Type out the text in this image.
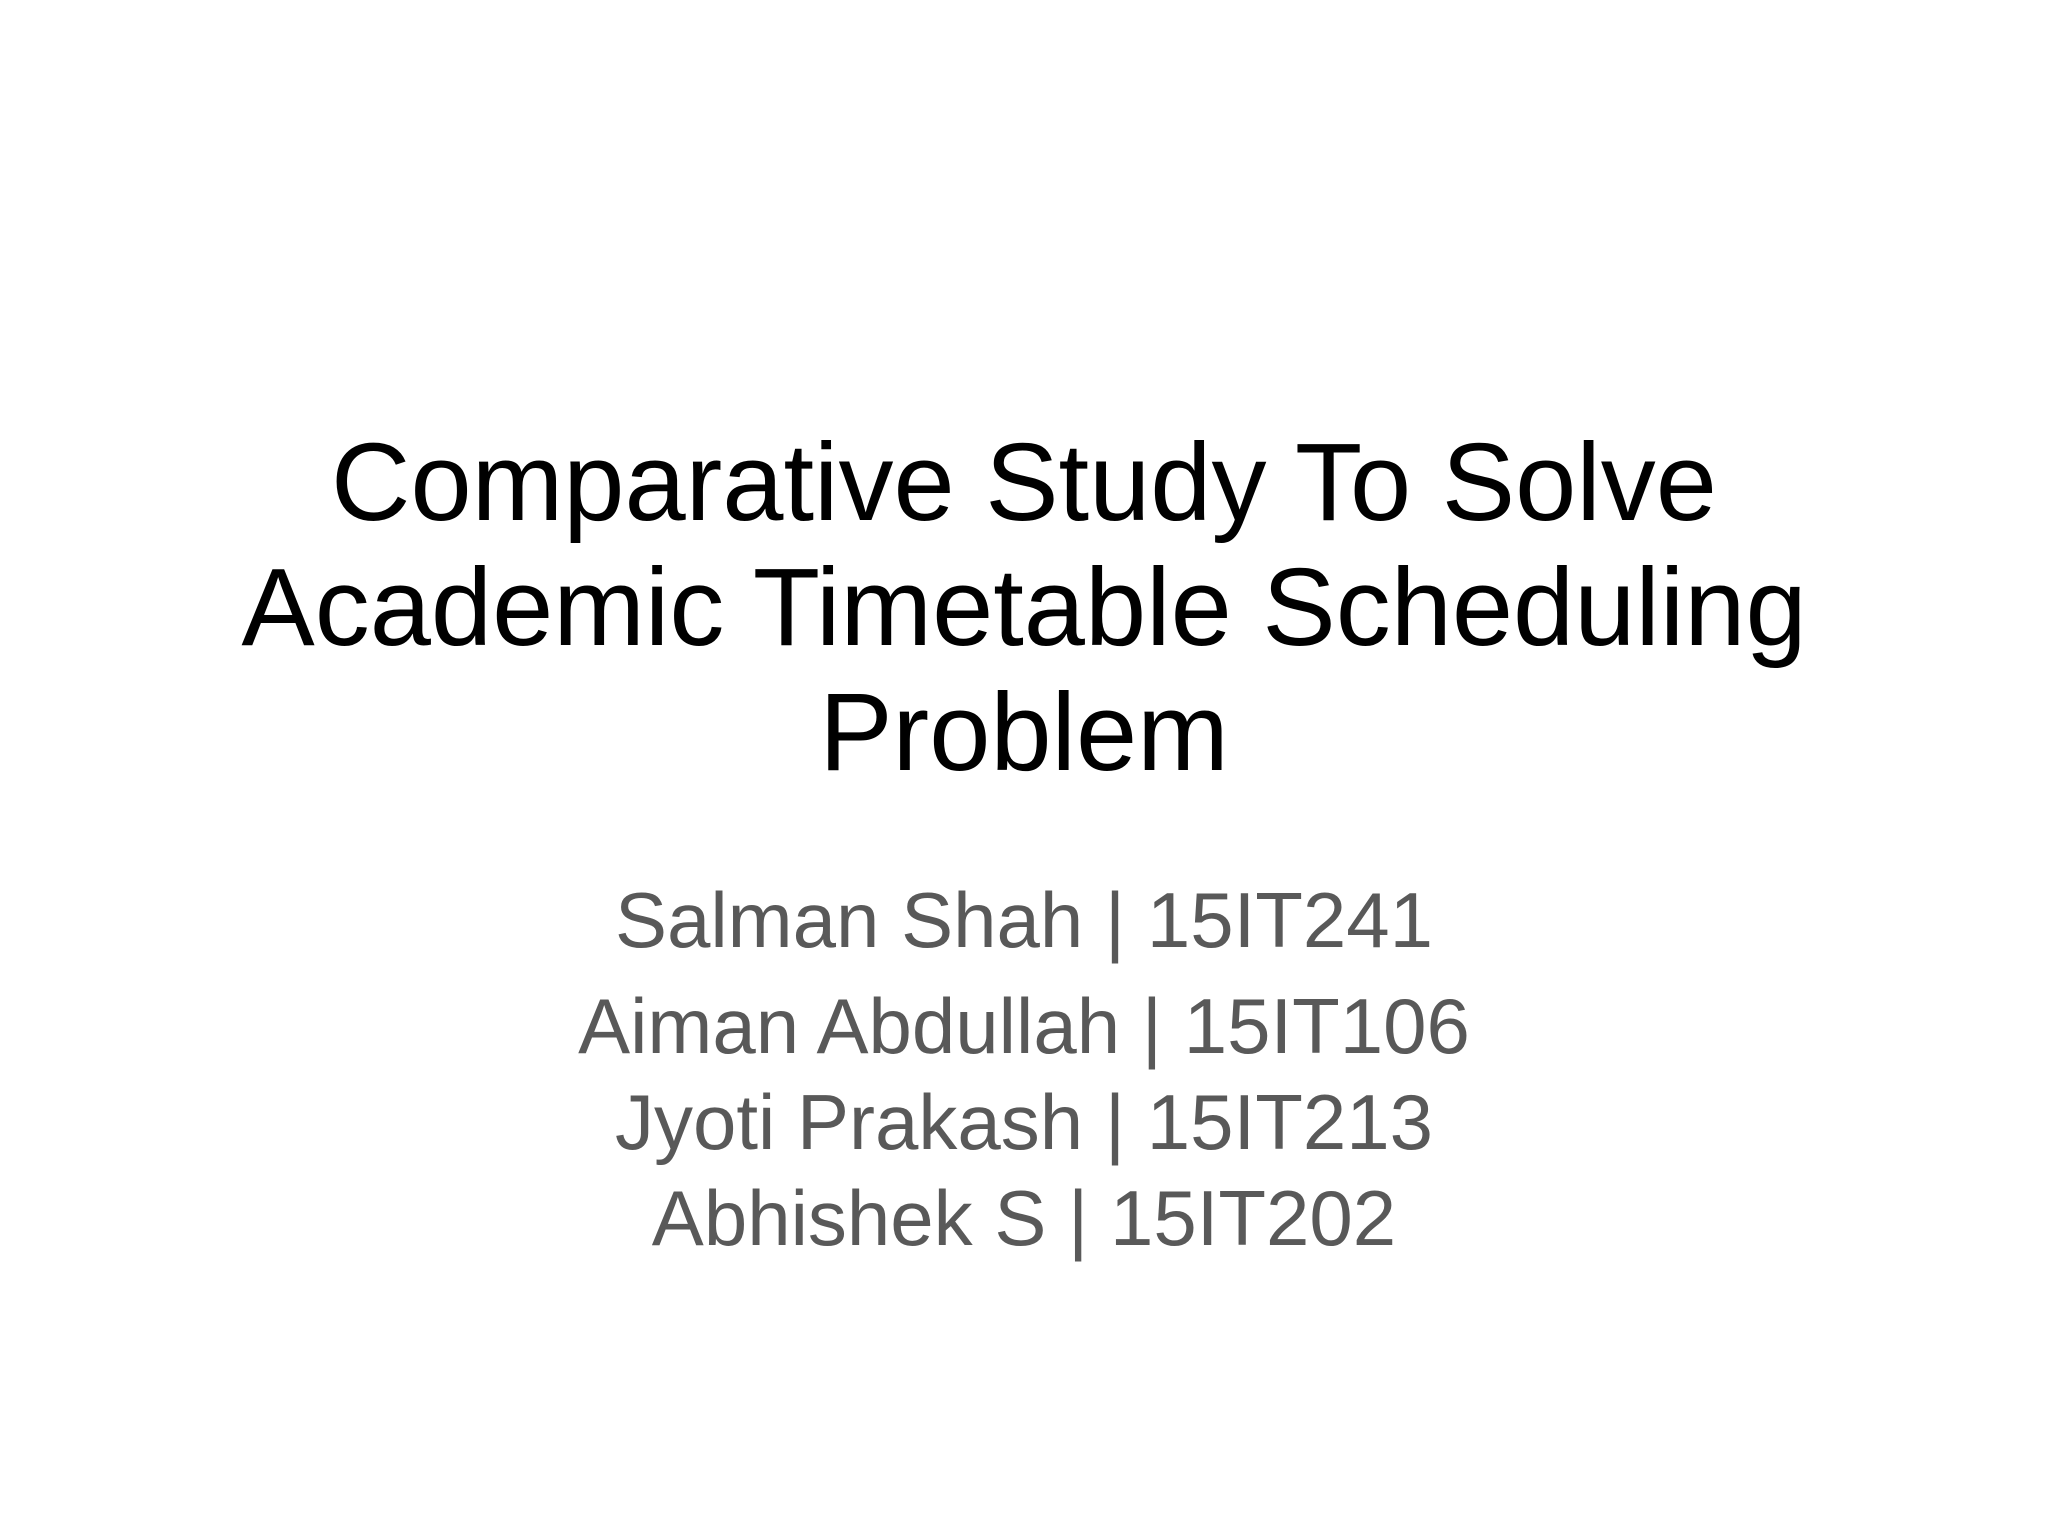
Comparative Study To Solve
Academic Timetable Scheduling
Problem
Salman Shah | 15IT241
Aiman Abdullah | 15IT106
Jyoti Prakash | 15IT213
Abhishek S | 15IT202
